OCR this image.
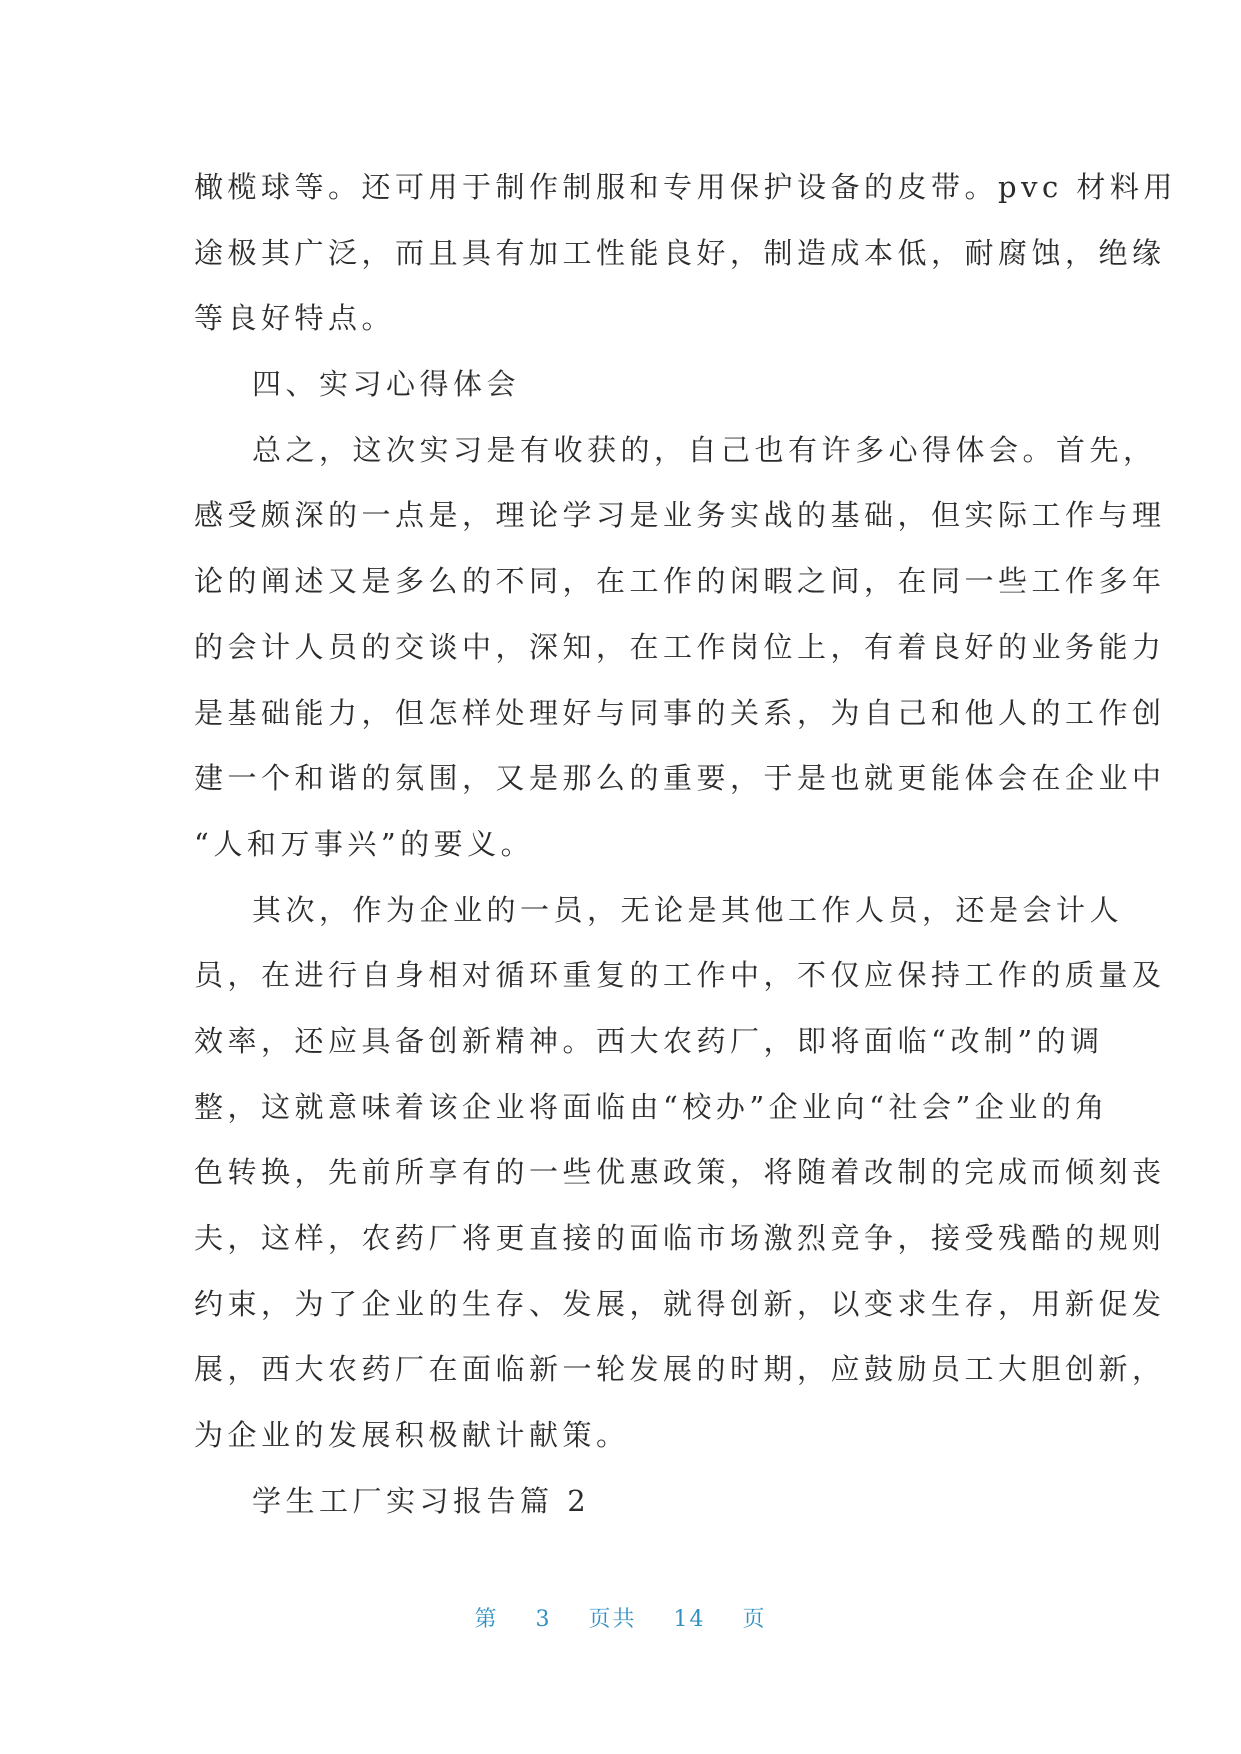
橄榄球等。还可用于制作制服和专用保护设备的皮带。pvc 材料用
途极其广泛，而且具有加工性能良好，制造成本低，耐腐蚀，绝缘
等良好特点。
四、实习心得体会
总之，这次实习是有收获的，自己也有许多心得体会。首先，
感受颇深的一点是，理论学习是业务实战的基础，但实际工作与理
论的阐述又是多么的不同，在工作的闲暇之间，在同一些工作多年
的会计人员的交谈中，深知，在工作岗位上，有着良好的业务能力
是基础能力，但怎样处理好与同事的关系，为自己和他人的工作创
建一个和谐的氛围，又是那么的重要，于是也就更能体会在企业中
“人和万事兴”的要义。
其次，作为企业的一员，无论是其他工作人员，还是会计人
员，在进行自身相对循环重复的工作中，不仅应保持工作的质量及
效率，还应具备创新精神。西大农药厂，即将面临“改制”的调
整，这就意味着该企业将面临由“校办”企业向“社会”企业的角
色转换，先前所享有的一些优惠政策，将随着改制的完成而倾刻丧
夫，这样，农药厂将更直接的面临市场激烈竞争，接受残酷的规则
约束，为了企业的生存、发展，就得创新，以变求生存，用新促发
展，西大农药厂在面临新一轮发展的时期，应鼓励员工大胆创新，
为企业的发展积极献计献策。
学生工厂实习报告篇 2
第 3 页共 14 页
